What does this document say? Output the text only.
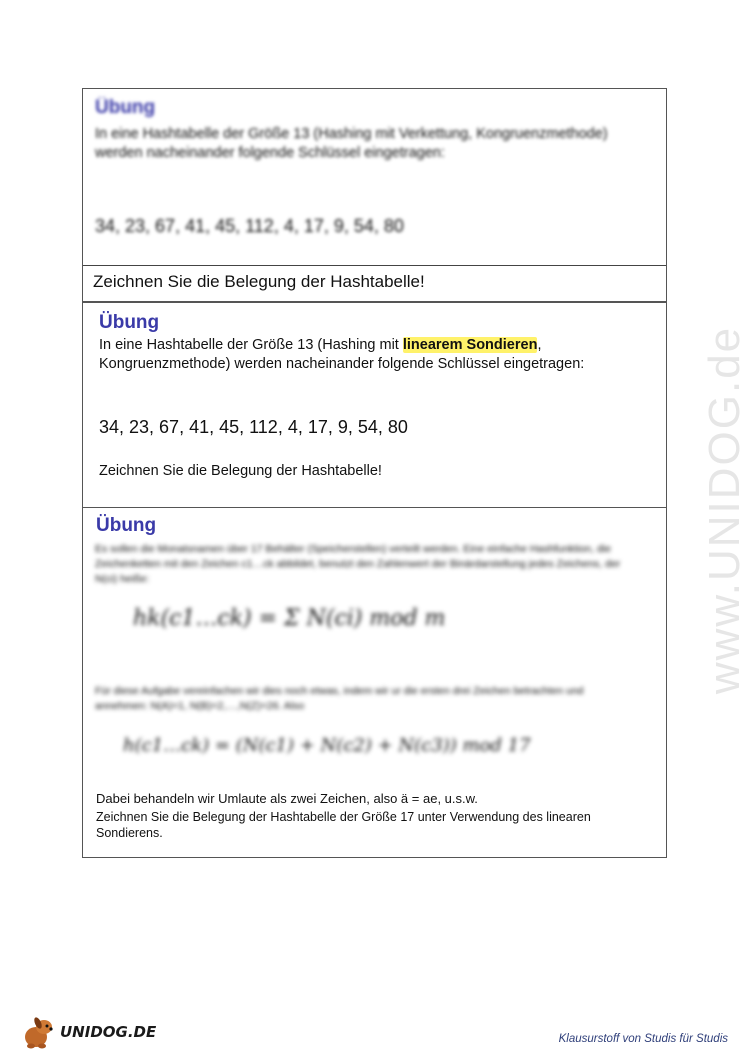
www.UNIDOG.de
Übung
In eine Hashtabelle der Größe 13 (Hashing mit Verkettung, Kongruenzmethode) werden nacheinander folgende Schlüssel eingetragen:
34, 23, 67, 41, 45, 112, 4, 17, 9, 54, 80
Zeichnen Sie die Belegung der Hashtabelle!
Übung
In eine Hashtabelle der Größe 13 (Hashing mit linearem Sondieren, Kongruenzmethode) werden nacheinander folgende Schlüssel eingetragen:
34, 23, 67, 41, 45, 112, 4, 17, 9, 54, 80
Zeichnen Sie die Belegung der Hashtabelle!
Übung
Es sollen die Monatsnamen über 17 Behälter (Speicherstellen) verteilt werden. Eine einfache Hashfunktion, die Zeichenketten mit den Zeichen c1…ck abbildet, benutzt den Zahlenwert der Binärdarstellung jedes Zeichens, der N(ci) heiße:
hk(c1…ck) = Σ N(ci) mod m
Für diese Aufgabe vereinfachen wir dies noch etwas, indem wir ur die ersten drei Zeichen betrachten und annehmen: N(A)=1, N(B)=2,…,N(Z)=26. Also
h(c1…ck) = (N(c1) + N(c2) + N(c3)) mod 17
Dabei behandeln wir Umlaute als zwei Zeichen, also ä = ae, u.s.w.
Zeichnen Sie die Belegung der Hashtabelle der Größe 17 unter Verwendung des linearen Sondierens.
UNIDOG.DE	Klausurstoff von Studis für Studis
